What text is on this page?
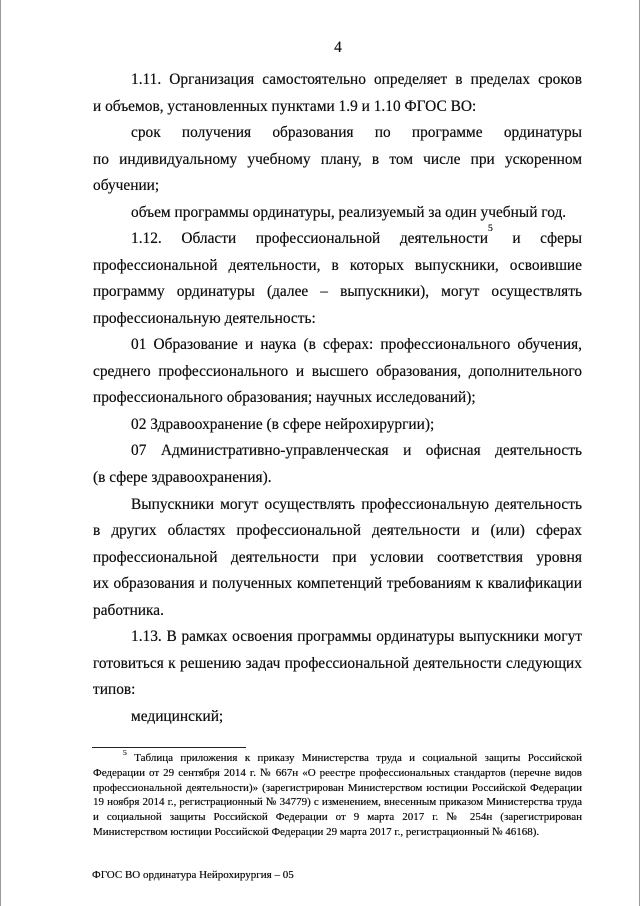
4
1.11. Организация самостоятельно определяет в пределах сроков
и объемов, установленных пунктами 1.9 и 1.10 ФГОС ВО:
срок получения образования по программе ординатуры
по индивидуальному учебному плану, в том числе при ускоренном
обучении;
объем программы ординатуры, реализуемый за один учебный год.
1.12. Области профессиональной деятельности$^5$ и сферы
профессиональной деятельности, в которых выпускники, освоившие
программу ординатуры (далее – выпускники), могут осуществлять
профессиональную деятельность:
01 Образование и наука (в сферах: профессионального обучения,
среднего профессионального и высшего образования, дополнительного
профессионального образования; научных исследований);
02 Здравоохранение (в сфере нейрохирургии);
07 Административно-управленческая и офисная деятельность
(в сфере здравоохранения).
Выпускники могут осуществлять профессиональную деятельность
в других областях профессиональной деятельности и (или) сферах
профессиональной деятельности при условии соответствия уровня
их образования и полученных компетенций требованиям к квалификации
работника.
1.13. В рамках освоения программы ординатуры выпускники могут
готовиться к решению задач профессиональной деятельности следующих
типов:
медицинский;
$^5$ Таблица приложения к приказу Министерства труда и социальной защиты Российской
Федерации от 29 сентября 2014 г. № 667н «О реестре профессиональных стандартов (перечне видов
профессиональной деятельности)» (зарегистрирован Министерством юстиции Российской Федерации
19 ноября 2014 г., регистрационный № 34779) с изменением, внесенным приказом Министерства труда
и социальной защиты Российской Федерации от 9 марта 2017 г. № 254н (зарегистрирован
Министерством юстиции Российской Федерации 29 марта 2017 г., регистрационный № 46168).
ФГОС ВО ординатура Нейрохирургия – 05
